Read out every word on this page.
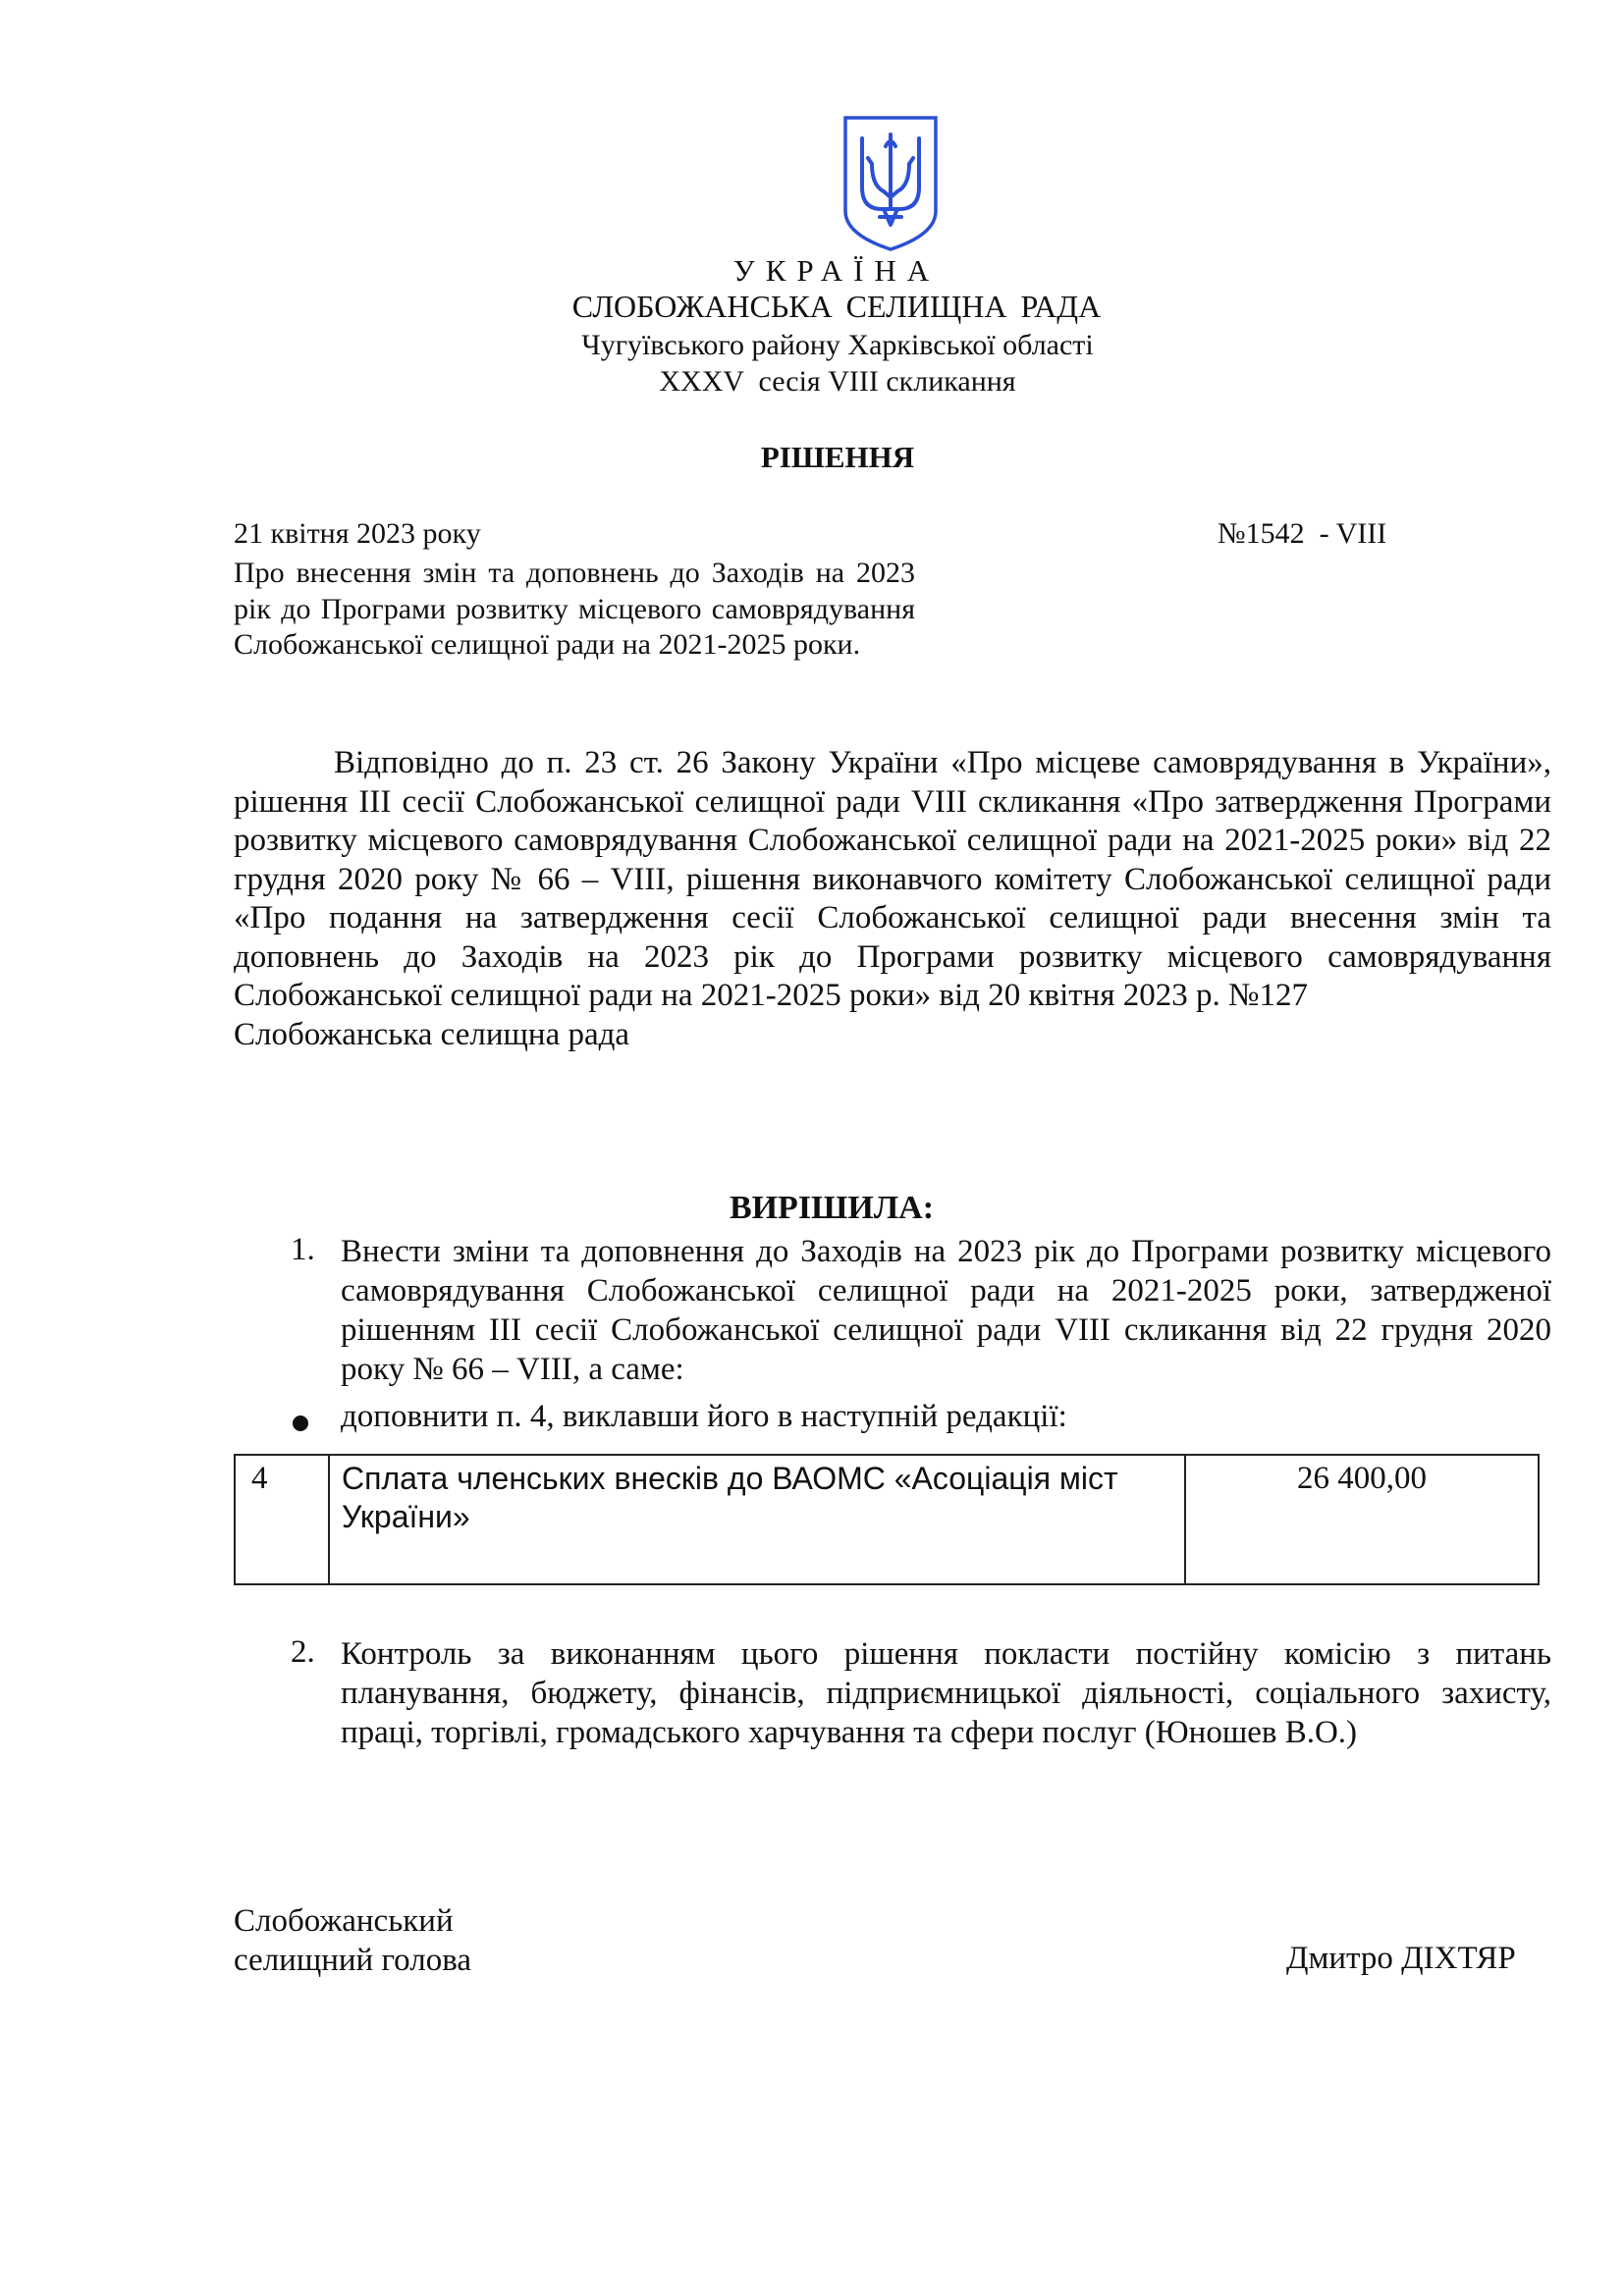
УКРАЇНА
СЛОБОЖАНСЬКА СЕЛИЩНА РАДА
Чугуївського району Харківської області
XXXV  сесія VIII скликання
РІШЕННЯ
21 квітня 2023 року	№1542  - VIII
Про внесення змін та доповнень до Заходів на 2023 рік до Програми розвитку місцевого самоврядування Слобожанської селищної ради на 2021-2025 роки.
Відповідно до п. 23 ст. 26 Закону України «Про місцеве самоврядування в України», рішення ІІІ сесії Слобожанської селищної ради VІІІ скликання «Про затвердження Програми розвитку місцевого самоврядування Слобожанської селищної ради на 2021-2025 роки» від 22 грудня 2020 року № 66 – VIIІ, рішення виконавчого комітету Слобожанської селищної ради «Про подання на затвердження сесії Слобожанської селищної ради внесення змін та доповнень до Заходів на 2023 рік до Програми розвитку місцевого самоврядування Слобожанської селищної ради на 2021-2025 роки» від 20 квітня 2023 р. №127
Слобожанська селищна рада
ВИРІШИЛА:
1. Внести зміни та доповнення до Заходів на 2023 рік до Програми розвитку місцевого самоврядування Слобожанської селищної ради на 2021-2025 роки, затвердженої рішенням ІІІ сесії Слобожанської селищної ради VІІІ скликання від 22 грудня 2020 року № 66 – VIIІ, а саме:
доповнити п. 4, виклавши його в наступній редакції:
4	Сплата членських внесків до ВАОМС «Асоціація міст України»	26 400,00
2. Контроль за виконанням цього рішення покласти постійну комісію з питань планування, бюджету, фінансів, підприємницької діяльності, соціального захисту, праці, торгівлі, громадського харчування та сфери послуг (Юношев В.О.)
Слобожанський
селищний голова	Дмитро ДІХТЯР
